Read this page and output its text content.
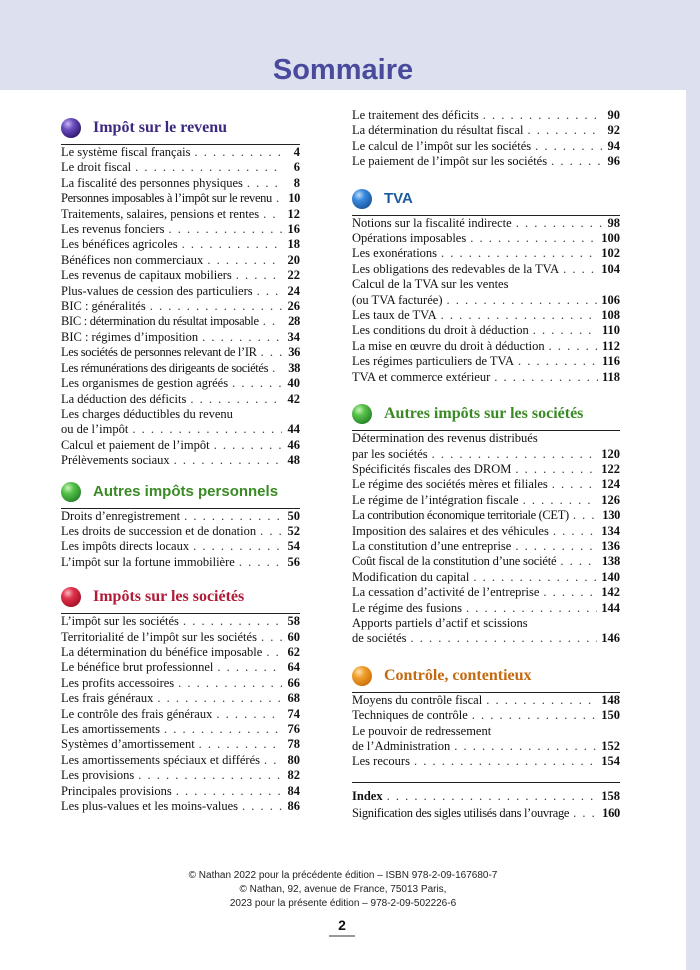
Sommaire
Impôt sur le revenu
Le système fiscal français . . .	4
Le droit fiscal . . .	6
La fiscalité des personnes physiques . . .	8
Personnes imposables à l’impôt sur le revenu . . . 10
Traitements, salaires, pensions et rentes . . . 12
Les revenus fonciers . . .	16
Les bénéfices agricoles . . .	18
Bénéfices non commerciaux . . .	20
Les revenus de capitaux mobiliers . . .	22
Plus-values de cession des particuliers . . .	24
BIC : généralités . . .	26
BIC : détermination du résultat imposable . . . 28
BIC : régimes d’imposition . . .	34
Les sociétés de personnes relevant de l’IR . . .	36
Les rémunérations des dirigeants de sociétés . . . 38
Les organismes de gestion agréés . . .	40
La déduction des déficits . . .	42
Les charges déductibles du revenu
ou de l’impôt . . .	44
Calcul et paiement de l’impôt . . .	46
Prélèvements sociaux . . .	48
Autres impôts personnels
Droits d’enregistrement . . .	50
Les droits de succession et de donation . . .	52
Les impôts directs locaux . . .	54
L’impôt sur la fortune immobilière . . .	56
Impôts sur les sociétés
L’impôt sur les sociétés . . .	58
Territorialité de l’impôt sur les sociétés . . . 60
La détermination du bénéfice imposable . . . 62
Le bénéfice brut professionnel . . .	64
Les profits accessoires . . .	66
Les frais généraux . . .	68
Le contrôle des frais généraux . . .	74
Les amortissements . . .	76
Systèmes d’amortissement . . .	78
Les amortissements spéciaux et différés . . . 80
Les provisions . . .	82
Principales provisions . . .	84
Les plus-values et les moins-values . . .	86
Le traitement des déficits . . .	90
La détermination du résultat fiscal . . .	92
Le calcul de l’impôt sur les sociétés . . .	94
Le paiement de l’impôt sur les sociétés . . .	96
TVA
Notions sur la fiscalité indirecte . . .	98
Opérations imposables . . .	100
Les exonérations . . .	102
Les obligations des redevables de la TVA . . .	104
Calcul de la TVA sur les ventes
(ou TVA facturée) . . .	106
Les taux de TVA . . .	108
Les conditions du droit à déduction . . .	110
La mise en œuvre du droit à déduction . . .	112
Les régimes particuliers de TVA . . .	116
TVA et commerce extérieur . . .	118
Autres impôts sur les sociétés
Détermination des revenus distribués
par les sociétés . . .	120
Spécificités fiscales des DROM . . .	122
Le régime des sociétés mères et filiales . . .	124
Le régime de l’intégration fiscale . . .	126
La contribution économique territoriale (CET) . . .	130
Imposition des salaires et des véhicules . . .	134
La constitution d’une entreprise . . .	136
Coût fiscal de la constitution d’une société . . .	138
Modification du capital . . .	140
La cessation d’activité de l’entreprise . . .	142
Le régime des fusions . . .	144
Apports partiels d’actif et scissions
de sociétés . . .	146
Contrôle, contentieux
Moyens du contrôle fiscal . . .	148
Techniques de contrôle . . .	150
Le pouvoir de redressement
de l’Administration . . .	152
Les recours . . .	154
Index . . .	158
Signification des sigles utilisés dans l’ouvrage . . .	160
© Nathan 2022 pour la précédente édition – ISBN 978-2-09-167680-7
© Nathan, 92, avenue de France, 75013 Paris,
2023 pour la présente édition – 978-2-09-502226-6
2
